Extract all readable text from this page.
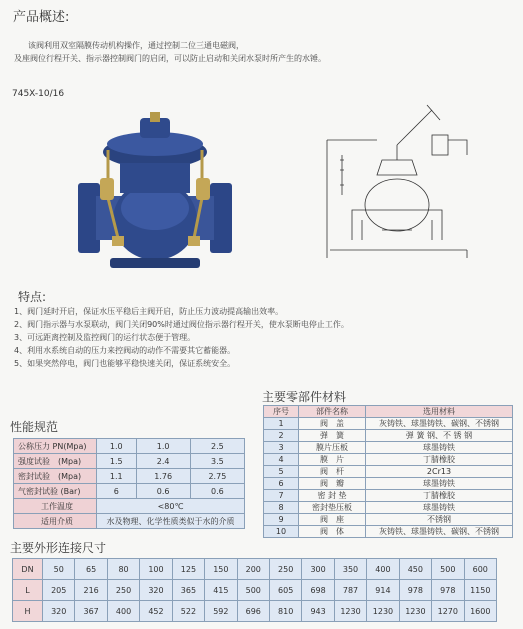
产品概述:
该阀利用双室隔膜传动机构操作，通过控制二位三通电磁阀，
及座阀位行程开关、指示器控制阀门的启闭，可以防止启动和关闭水泵时所产生的水锤。
745X-10/16
特点:
1、阀门延时开启，保证水压平稳后主阀开启，防止压力波动提高输出效率。
2、阀门指示器与水泵联动，阀门关闭90%时通过阀位指示器行程开关，使水泵断电停止工作。
3、可远距离控制及监控阀门的运行状态便于管理。
4、利用水系统自动的压力来控阀动的动作不需要其它蓄能器。
5、如果突然停电，阀门也能够平稳快速关闭，保证系统安全。
主要零部件材料
序号	部件名称	选用材料
1	阀　盖	灰铸铁、球墨铸铁、碳钢、不锈钢
2	弹　簧	弹 簧 钢、不 锈 钢
3	膜片压板	球墨铸铁
4	膜　片	丁腈橡胶
5	阀　杆	2Cr13
6	阀　瓣	球墨铸铁
7	密 封 垫	丁腈橡胶
8	密封垫压板	球墨铸铁
9	阀　座	不锈钢
10	阀　体	灰铸铁、球墨铸铁、碳钢、不锈钢
性能规范
公称压力 PN(Mpa)	1.0	1.0	2.5
强度试验　(Mpa)	1.5	2.4	3.5
密封试验　(Mpa)	1.1	1.76	2.75
气密封试验 (Bar)	6	0.6	0.6
工作温度	<80℃		
适用介质	水及物理、化学性质类似于水的介质		
主要外形连接尺寸
DN	50	65	80	100	125	150	200	250	300	350	400	450	500	600
L	205	216	250	320	365	415	500	605	698	787	914	978	978	1150
H	320	367	400	452	522	592	696	810	943	1230	1230	1230	1270	1600
